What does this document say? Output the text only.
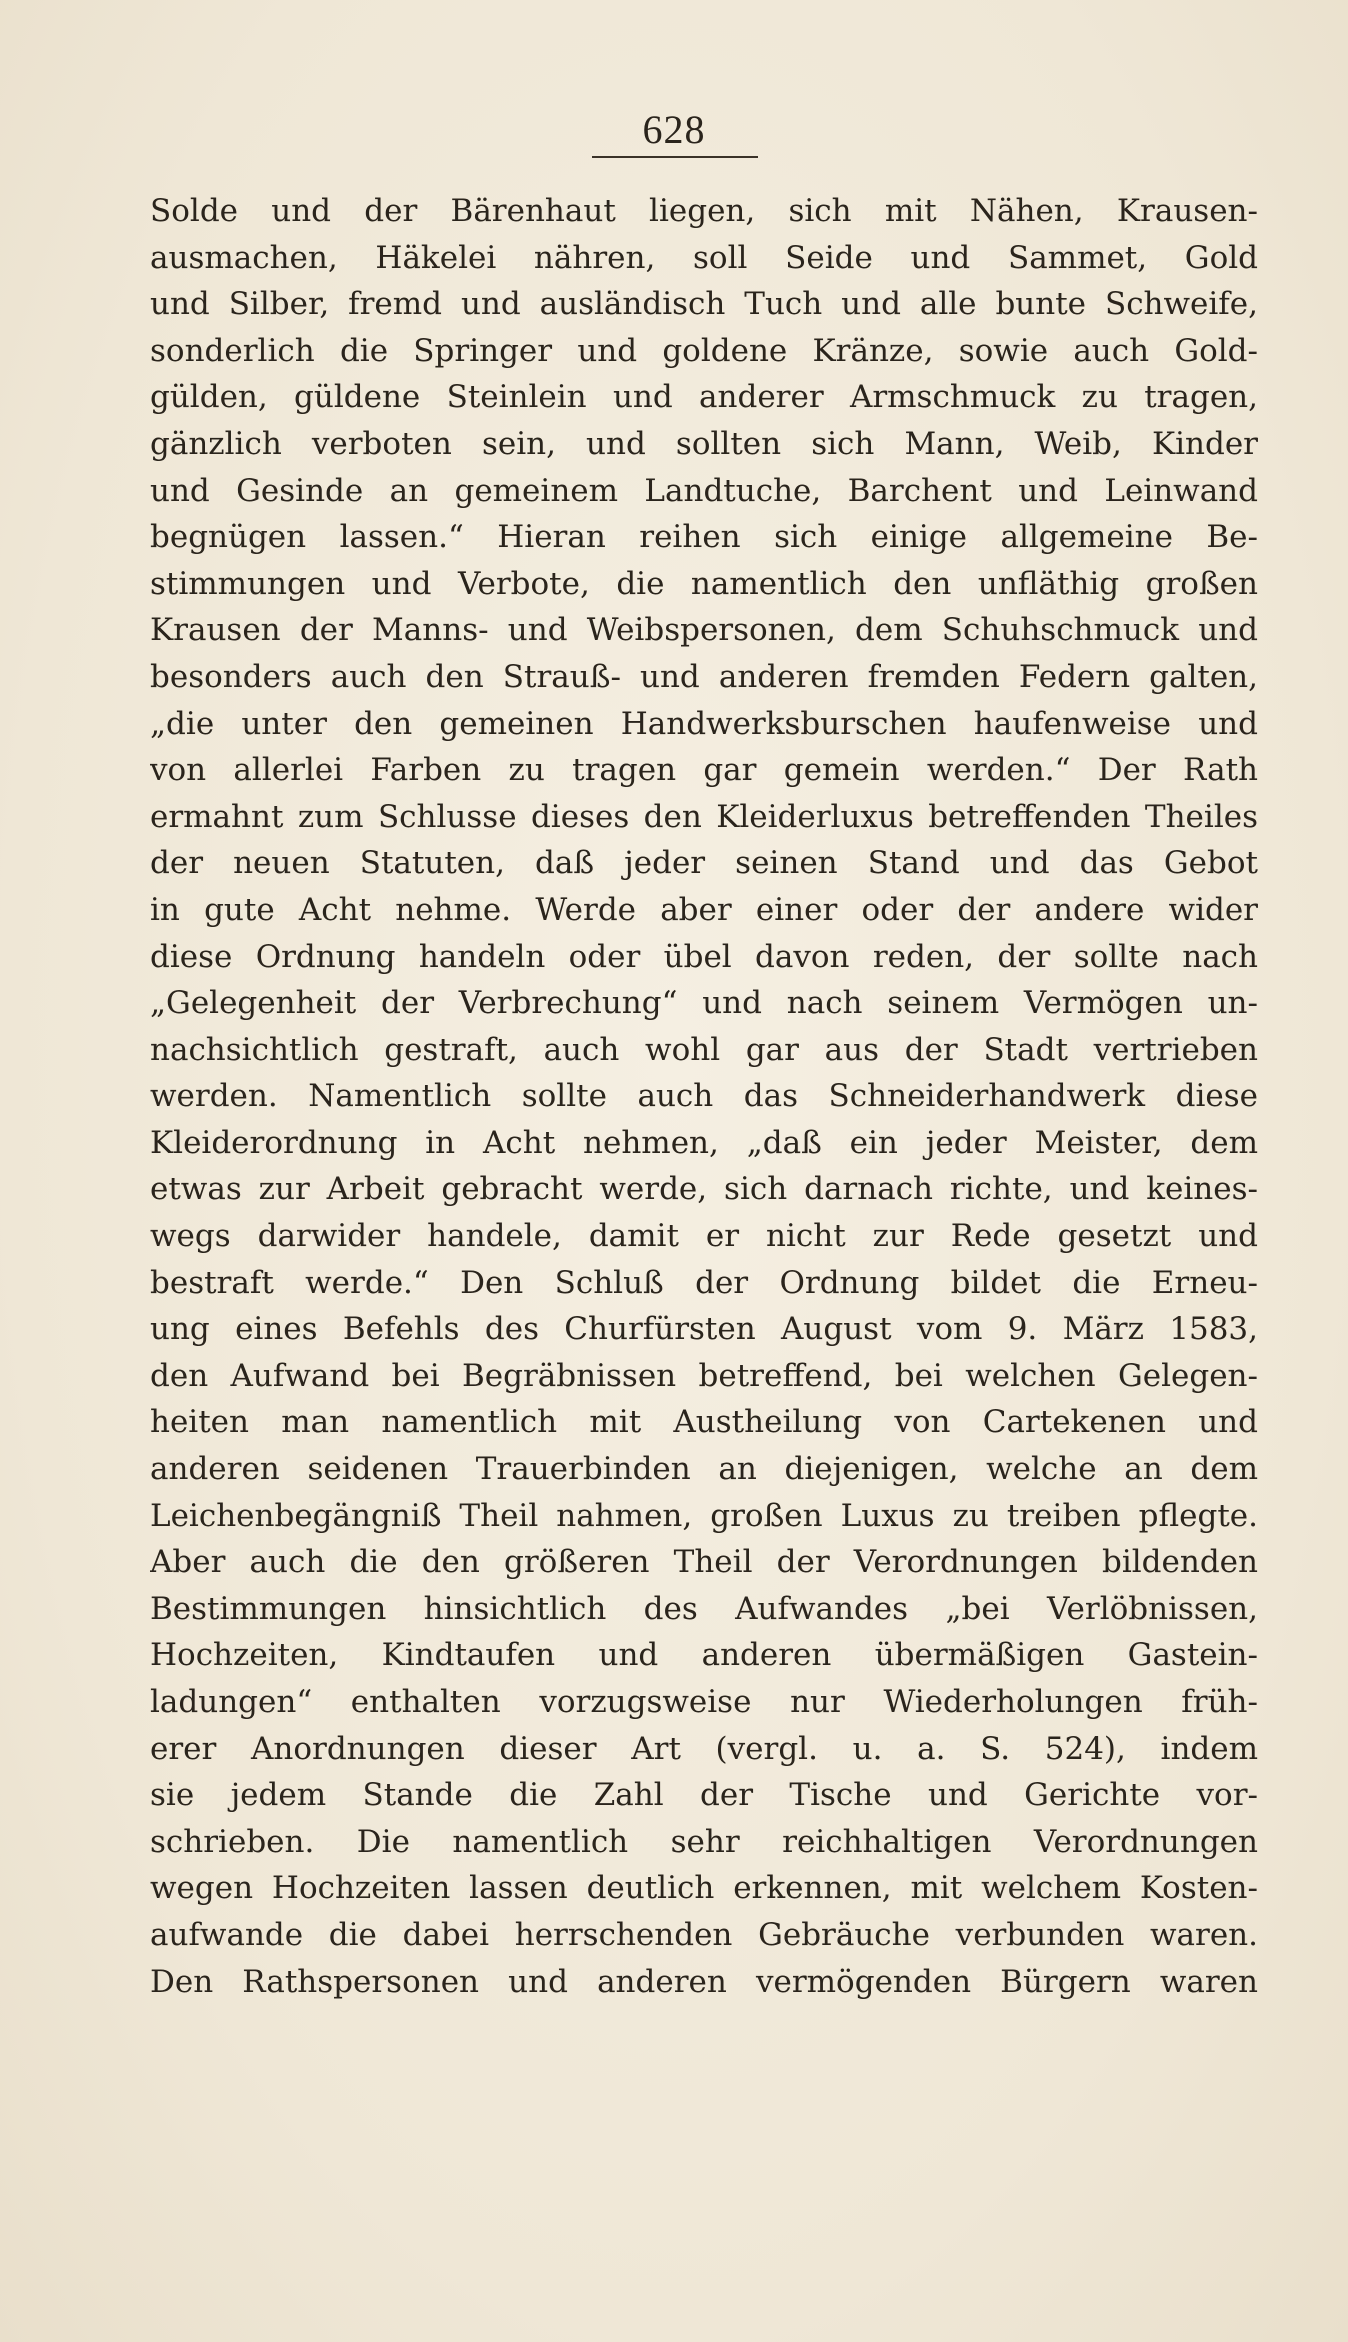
628
Solde und der Bärenhaut liegen, sich mit Nähen, Krausen-
ausmachen, Häkelei nähren, soll Seide und Sammet, Gold
und Silber, fremd und ausländisch Tuch und alle bunte Schweife,
sonderlich die Springer und goldene Kränze, sowie auch Gold-
gülden, güldene Steinlein und anderer Armschmuck zu tragen,
gänzlich verboten sein, und sollten sich Mann, Weib, Kinder
und Gesinde an gemeinem Landtuche, Barchent und Leinwand
begnügen lassen.“ Hieran reihen sich einige allgemeine Be-
stimmungen und Verbote, die namentlich den unfläthig großen
Krausen der Manns- und Weibspersonen, dem Schuhschmuck und
besonders auch den Strauß- und anderen fremden Federn galten,
„die unter den gemeinen Handwerksburschen haufenweise und
von allerlei Farben zu tragen gar gemein werden.“ Der Rath
ermahnt zum Schlusse dieses den Kleiderluxus betreffenden Theiles
der neuen Statuten, daß jeder seinen Stand und das Gebot
in gute Acht nehme. Werde aber einer oder der andere wider
diese Ordnung handeln oder übel davon reden, der sollte nach
„Gelegenheit der Verbrechung“ und nach seinem Vermögen un-
nachsichtlich gestraft, auch wohl gar aus der Stadt vertrieben
werden. Namentlich sollte auch das Schneiderhandwerk diese
Kleiderordnung in Acht nehmen, „daß ein jeder Meister, dem
etwas zur Arbeit gebracht werde, sich darnach richte, und keines-
wegs darwider handele, damit er nicht zur Rede gesetzt und
bestraft werde.“ Den Schluß der Ordnung bildet die Erneu-
ung eines Befehls des Churfürsten August vom 9. März 1583,
den Aufwand bei Begräbnissen betreffend, bei welchen Gelegen-
heiten man namentlich mit Austheilung von Cartekenen und
anderen seidenen Trauerbinden an diejenigen, welche an dem
Leichenbegängniß Theil nahmen, großen Luxus zu treiben pflegte.
Aber auch die den größeren Theil der Verordnungen bildenden
Bestimmungen hinsichtlich des Aufwandes „bei Verlöbnissen,
Hochzeiten, Kindtaufen und anderen übermäßigen Gastein-
ladungen“ enthalten vorzugsweise nur Wiederholungen früh-
erer Anordnungen dieser Art (vergl. u. a. S. 524), indem
sie jedem Stande die Zahl der Tische und Gerichte vor-
schrieben. Die namentlich sehr reichhaltigen Verordnungen
wegen Hochzeiten lassen deutlich erkennen, mit welchem Kosten-
aufwande die dabei herrschenden Gebräuche verbunden waren.
Den Rathspersonen und anderen vermögenden Bürgern waren
